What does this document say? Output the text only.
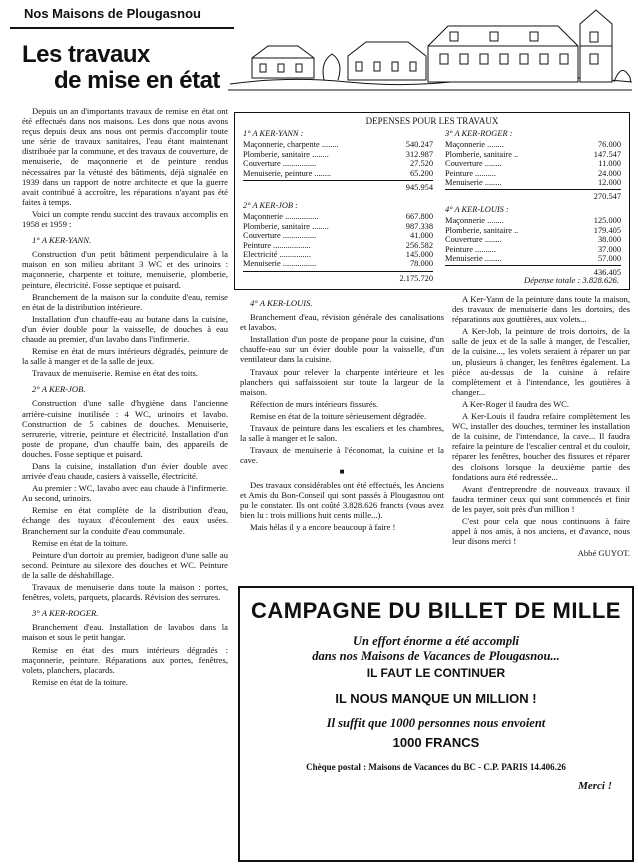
Nos Maisons de Plougasnou
Les travaux
de mise en état

Depuis un an d'importants travaux de remise en état ont été effectués dans nos maisons. Les dons que nous avons reçus depuis deux ans nous ont permis d'accomplir toute une série de travaux sanitaires, l'eau étant maintenant distribuée par la commune, et des travaux de couverture, de menuiserie, de maçonnerie et de peinture rendus nécessaires par la vétusté des bâtiments, déjà signalée en 1939 dans un rapport de notre architecte et que la guerre avait contribué à accroître, les réparations n'ayant pas été faites à temps.

Voici un compte rendu succint des travaux accomplis en 1958 et 1959 :

1° A KER-YANN.

Construction d'un petit bâtiment perpendiculaire à la maison en son milieu abritant 3 WC et des urinoirs : maçonnerie, charpente et toiture, menuiserie, plomberie, peinture, électricité. Fosse septique et puisard.

Branchement de la maison sur la conduite d'eau, remise en état de la distribution intérieure.

Installation d'un chauffe-eau au butane dans la cuisine, d'un évier double pour la vaisselle, de douches à eau chaude au premier, d'un lavabo dans l'infirmerie.

Remise en état de murs intérieurs dégradés, peinture de la salle à manger et de la salle de jeux.

Travaux de menuiserie. Remise en état des toits.

2° A KER-JOB.

Construction d'une salle d'hygiène dans l'ancienne arrière-cuisine inutilisée : 4 WC, urinoirs et lavabo. Construction de 5 cabines de douches. Menuiserie, serrurerie, vitrerie, peinture et électricité. Installation d'un poste de propane, d'un chauffe bain, des appareils de douches. Fosse septique et puisard.

Dans la cuisine, installation d'un évier double avec arrivée d'eau chaude, casiers à vaisselle, électricité.

Au premier : WC, lavabo avec eau chaude à l'infirmerie. Au second, urinoirs.

Remise en état complète de la distribution d'eau, échange des tuyaux d'écoulement des eaux usées. Branchement sur la conduite d'eau communale.

Remise en état de la toiture.

Peinture d'un dortoir au premier, badigeon d'une salle au second. Peinture au silexore des douches et WC. Peinture de la salle de déshabillage.

Travaux de menuiserie dans toute la maison : portes, fenêtres, volets, parquets, placards. Révision des serrures.

3° A KER-ROGER.

Branchement d'eau. Installation de lavabos dans la maison et sous le petit hangar.

Remise en état des murs intérieurs dégradés : maçonnerie, peinture. Réparations aux portes, fenêtres, volets, planchers, placards.

Remise en état de la toiture.

DEPENSES POUR LES TRAVAUX
1° A KER-YANN :
Maçonnerie, charpente ........	540.247
Plomberie, sanitaire ........	312.987
Couverture ................	27.520
Menuiserie, peinture ........	65.200
945.954
2° A KER-JOB :
Maçonnerie ................	667.800
Plomberie, sanitaire ........	987.338
Couverture ................	41.000
Peinture ..................	256.582
Electricité ...............	145.000
Menuiserie ................	78.000
2.175.720
3° A KER-ROGER :
Maçonnerie ........	76.000
Plomberie, sanitaire ..	147.547
Couverture ........	11.000
Peinture ..........	24.000
Menuiserie ........	12.000
270.547
4° A KER-LOUIS :
Maçonnerie ........	125.000
Plomberie, sanitaire ..	179.405
Couverture ........	38.000
Peinture ..........	37.000
Menuiserie ........	57.000
436.405
Dépense totale : 3.828.626.
4° A KER-LOUIS.

Branchement d'eau, révision générale des canalisations et lavabos.

Installation d'un poste de propane pour la cuisine, d'un chauffe-eau sur un évier double pour la vaisselle, d'un ventilateur dans la cuisine.

Travaux pour relever la charpente intérieure et les planchers qui saffaissoient sur toute la largeur de la maison.

Réfection de murs intérieurs fissurés.

Remise en état de la toiture sérieusement dégradée.

Travaux de peinture dans les escaliers et les chambres, la salle à manger et le salon.

Travaux de menuiserie à l'économat, la cuisine et la cave.

■

Des travaux considérables ont été effectués, les Anciens et Amis du Bon-Conseil qui sont passés à Plougasnou ont pu le constater. Ils ont coûté 3.828.626 francts (vous avez bien lu : trois millions huit cents mille...).

Mais hélas il y a encore beaucoup à faire !

A Ker-Yann de la peinture dans toute la maison, des travaux de menuiserie dans les dortoirs, des réparations aux gouttières, aux volets...

A Ker-Job, la peinture de trois dortoirs, de la salle de jeux et de la salle à manger, de l'escalier, de la cuisine..., les volets seraient à réparer un par un, plusieurs à changer, les fenêtres également. La pièce au-dessus de la cuisine à refaire complètement et à l'intendance, les goutières à changer...

A Ker-Roger il faudra des WC.

A Ker-Louis il faudra refaire complètement les WC, installer des douches, terminer les installation de la cuisine, de l'intendance, la cave... Il faudra refaire la peinture de l'escalier central et du couloir, réparer les fenêtres, boucher des fissures et réparer des cloisons lorsque la deuxième partie des fondations aura été redressée...

Avant d'entreprendre de nouveaux travaux il faudra terminer ceux qui sont commencés et finir de les payer, soit près d'un million !

C'est pour cela que nous continuons à faire appel à nos amis, à nos anciens, et d'avance, nous leur disons merci !

Abbé GUYOT.
CAMPAGNE DU BILLET DE MILLE
Un effort énorme a été accompli
dans nos Maisons de Vacances de Plougasnou...
IL FAUT LE CONTINUER
IL NOUS MANQUE UN MILLION !
Il suffit que 1000 personnes nous envoient
1000 FRANCS
Chèque postal : Maisons de Vacances du BC - C.P. PARIS 14.406.26
Merci !
